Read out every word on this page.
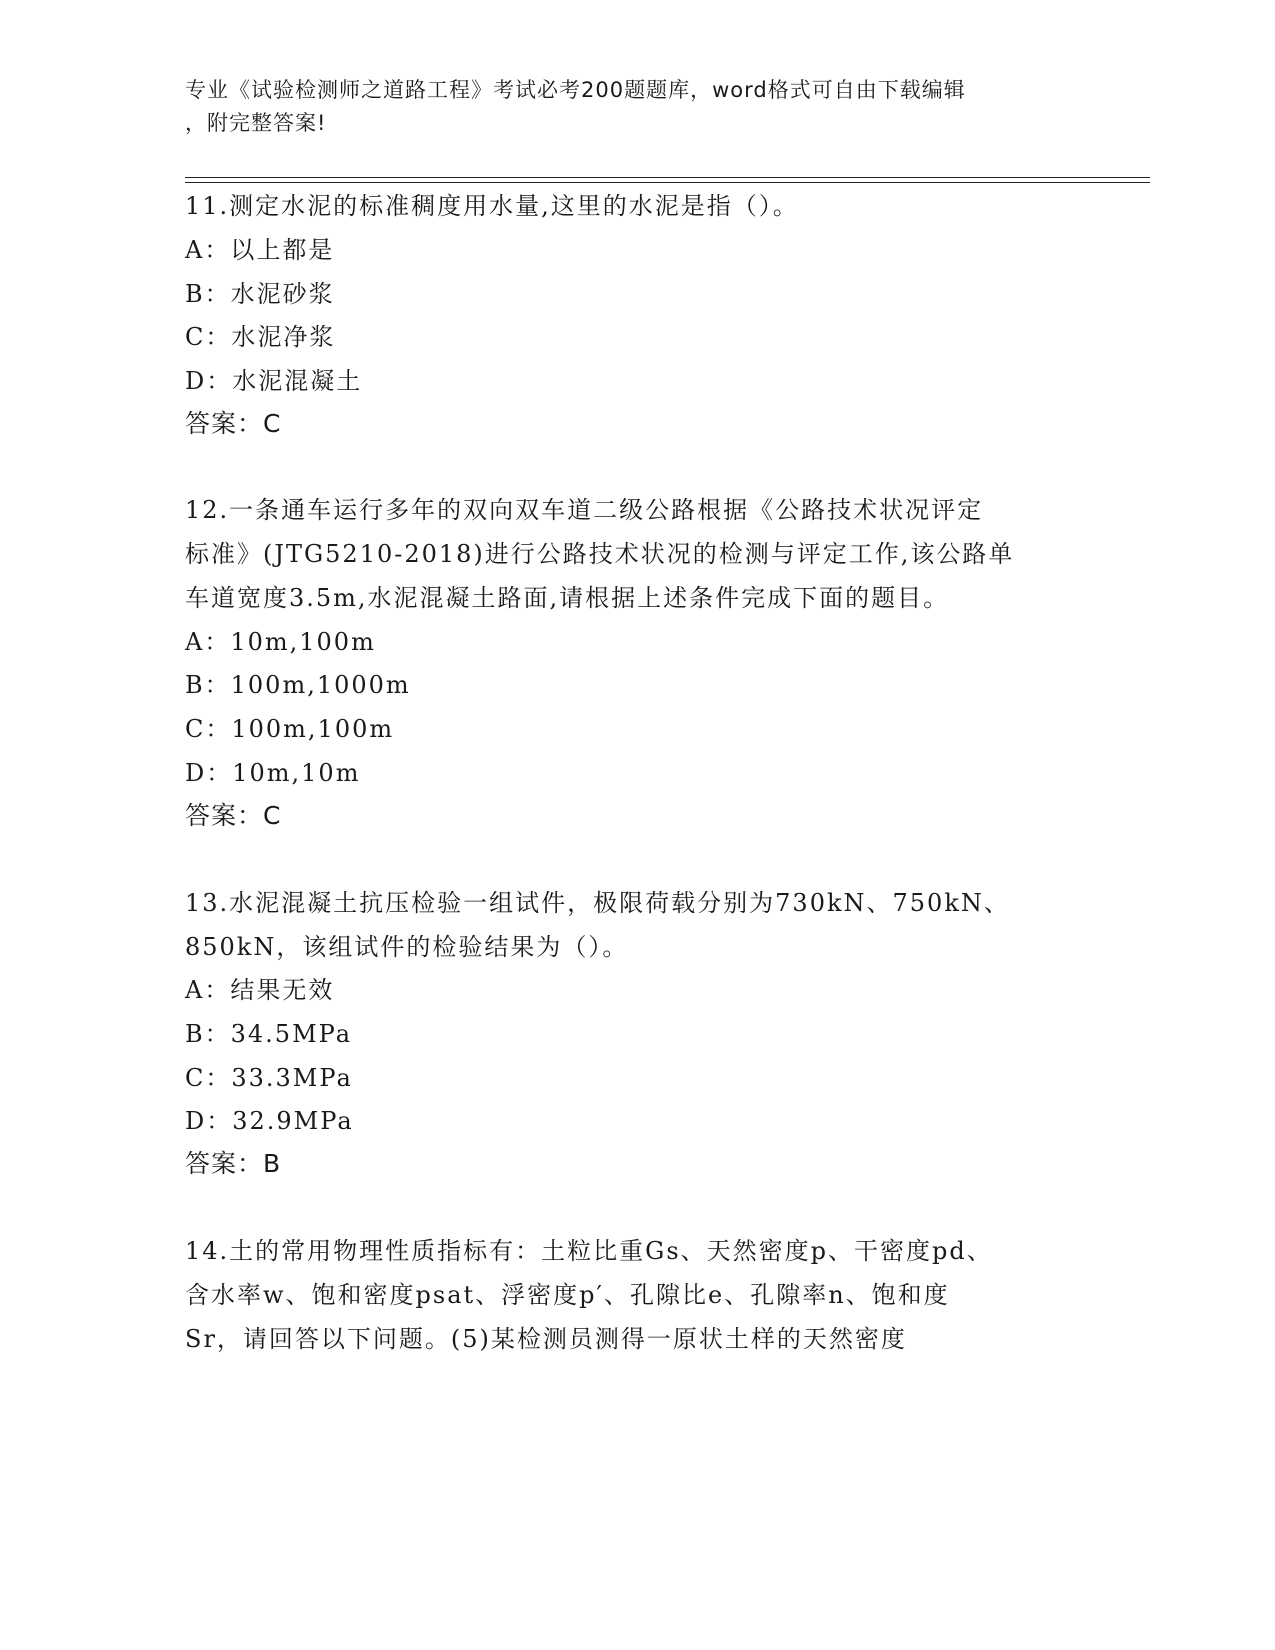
专业《试验检测师之道路工程》考试必考200题题库，word格式可自由下载编辑
，附完整答案!
11.测定水泥的标准稠度用水量,这里的水泥是指（）。
A：以上都是
B：水泥砂浆
C：水泥净浆
D：水泥混凝土
答案：C
12.一条通车运行多年的双向双车道二级公路根据《公路技术状况评定
标准》(JTG5210-2018)进行公路技术状况的检测与评定工作,该公路单
车道宽度3.5m,水泥混凝土路面,请根据上述条件完成下面的题目。
A：10m,100m
B：100m,1000m
C：100m,100m
D：10m,10m
答案：C
13.水泥混凝土抗压检验一组试件，极限荷载分别为730kN、750kN、
850kN，该组试件的检验结果为（）。
A：结果无效
B：34.5MPa
C：33.3MPa
D：32.9MPa
答案：B
14.土的常用物理性质指标有：土粒比重Gs、天然密度p、干密度pd、
含水率w、饱和密度psat、浮密度p′、孔隙比e、孔隙率n、饱和度
Sr，请回答以下问题。(5)某检测员测得一原状土样的天然密度
